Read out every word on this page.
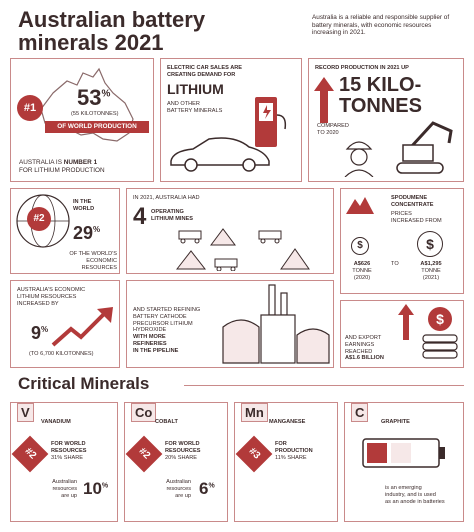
Australian battery
minerals 2021
Australia is a reliable and responsible supplier of battery minerals, with economic resources increasing in 2021.
#1	53%
(55 KILOTONNES)
OF WORLD PRODUCTION
AUSTRALIA IS NUMBER 1
FOR LITHIUM PRODUCTION
ELECTRIC CAR SALES ARE
CREATING DEMAND FOR
LITHIUM
AND OTHER
BATTERY MINERALS
RECORD PRODUCTION IN 2021 UP
15 KILO-
TONNES
COMPARED
TO 2020
#2
IN THE
WORLD
29%
OF THE WORLD'S
ECONOMIC RESOURCES
IN 2021, AUSTRALIA HAD
4 OPERATING
LITHIUM MINES
SPODUMENE
CONCENTRATE
PRICES
INCREASED FROM
$	$
A$626
TONNE
(2020)
TO	A$1,295
TONNE
(2021)
AUSTRALIA'S ECONOMIC
LITHIUM RESOURCES
INCREASED BY
9%
(TO 6,700 KILOTONNES)
AND STARTED REFINING
BATTERY CATHODE
PRECURSOR LITHIUM
HYDROXIDE
WITH MORE
REFINERIES
IN THE PIPELINE
$
AND EXPORT
EARNINGS
REACHED
A$1.6 BILLION
Critical Minerals
V
VANADIUM
#2
FOR WORLD
RESOURCES
31% SHARE
Australian
resources
are up 10%
Co
COBALT
#2
FOR WORLD
RESOURCES
20% SHARE
Australian
resources
are up 6%
Mn
MANGANESE
#3
FOR
PRODUCTION
11% SHARE
C
GRAPHITE
is an emerging
industry, and is used
as an anode in batteries
